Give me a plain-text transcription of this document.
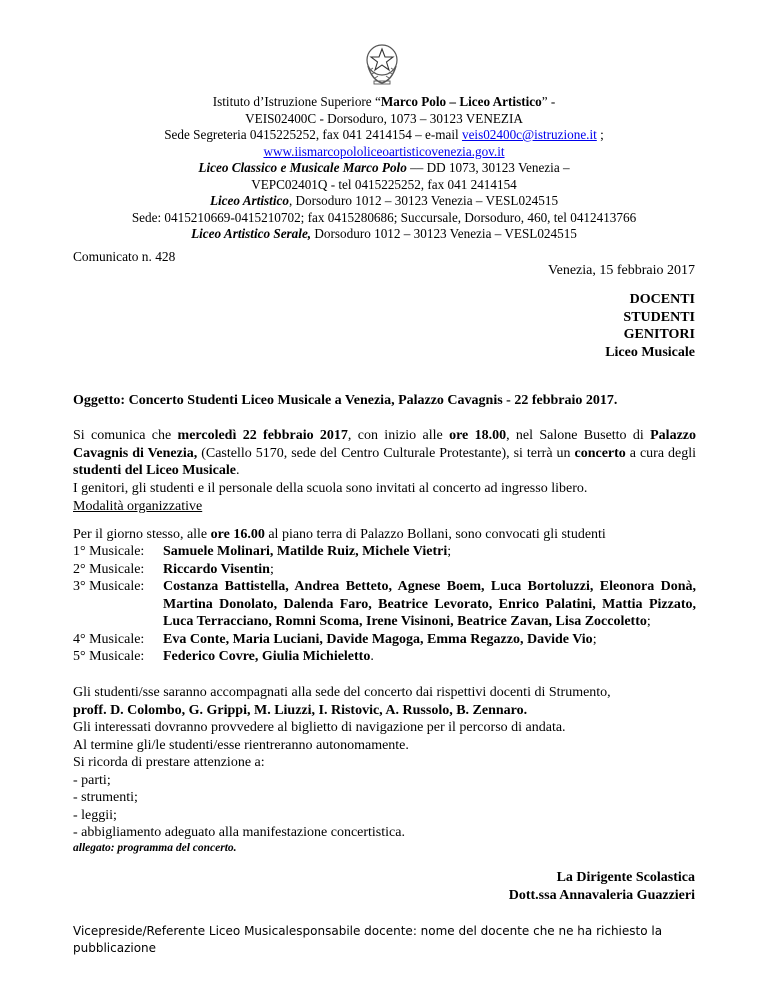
Istituto d’Istruzione Superiore “Marco Polo – Liceo Artistico” -
VEIS02400C - Dorsoduro, 1073 – 30123 VENEZIA
Sede Segreteria 0415225252, fax 041 2414154 – e-mail veis02400c@istruzione.it ;
www.iismarcopololiceoartisticovenezia.gov.it
Liceo Classico e Musicale Marco Polo –– DD 1073, 30123 Venezia –
VEPC02401Q - tel 0415225252, fax 041 2414154
Liceo Artistico, Dorsoduro 1012 – 30123 Venezia – VESL024515
Sede: 0415210669-0415210702; fax 0415280686; Succursale, Dorsoduro, 460, tel 0412413766
Liceo Artistico Serale, Dorsoduro 1012 – 30123 Venezia – VESL024515
Comunicato n. 428
Venezia, 15 febbraio 2017
DOCENTI
STUDENTI
GENITORI
Liceo Musicale
Oggetto: Concerto Studenti Liceo Musicale a Venezia, Palazzo Cavagnis - 22 febbraio 2017.
Si comunica che mercoledì 22 febbraio 2017, con inizio alle ore 18.00, nel Salone Busetto di Palazzo Cavagnis di Venezia, (Castello 5170, sede del Centro Culturale Protestante), si terrà un concerto a cura degli studenti del Liceo Musicale.
I genitori, gli studenti e il personale della scuola sono invitati al concerto ad ingresso libero.
Modalità organizzative
Per il giorno stesso, alle ore 16.00 al piano terra di Palazzo Bollani, sono convocati gli studenti
1° Musicale:	Samuele Molinari, Matilde Ruiz, Michele Vietri;
2° Musicale:	Riccardo Visentin;
3° Musicale:	Costanza Battistella, Andrea Betteto, Agnese Boem, Luca Bortoluzzi, Eleonora Donà, Martina Donolato, Dalenda Faro, Beatrice Levorato, Enrico Palatini, Mattia Pizzato, Luca Terracciano, Romni Scoma, Irene Visinoni, Beatrice Zavan, Lisa Zoccoletto;
4° Musicale:	Eva Conte, Maria Luciani, Davide Magoga, Emma Regazzo, Davide Vio;
5° Musicale:	Federico Covre, Giulia Michieletto.
Gli studenti/sse saranno accompagnati alla sede del concerto dai rispettivi docenti di Strumento,
proff. D. Colombo, G. Grippi, M. Liuzzi, I. Ristovic, A. Russolo, B. Zennaro.
Gli interessati dovranno provvedere al biglietto di navigazione per il percorso di andata.
Al termine gli/le studenti/esse rientreranno autonomamente.
Si ricorda di prestare attenzione a:
- parti;
- strumenti;
- leggii;
- abbigliamento adeguato alla manifestazione concertistica.
allegato: programma del concerto.
La Dirigente Scolastica
Dott.ssa Annavaleria Guazzieri
Vicepreside/Referente Liceo Musicalesponsabile docente: nome del docente che ne ha richiesto la pubblicazione
